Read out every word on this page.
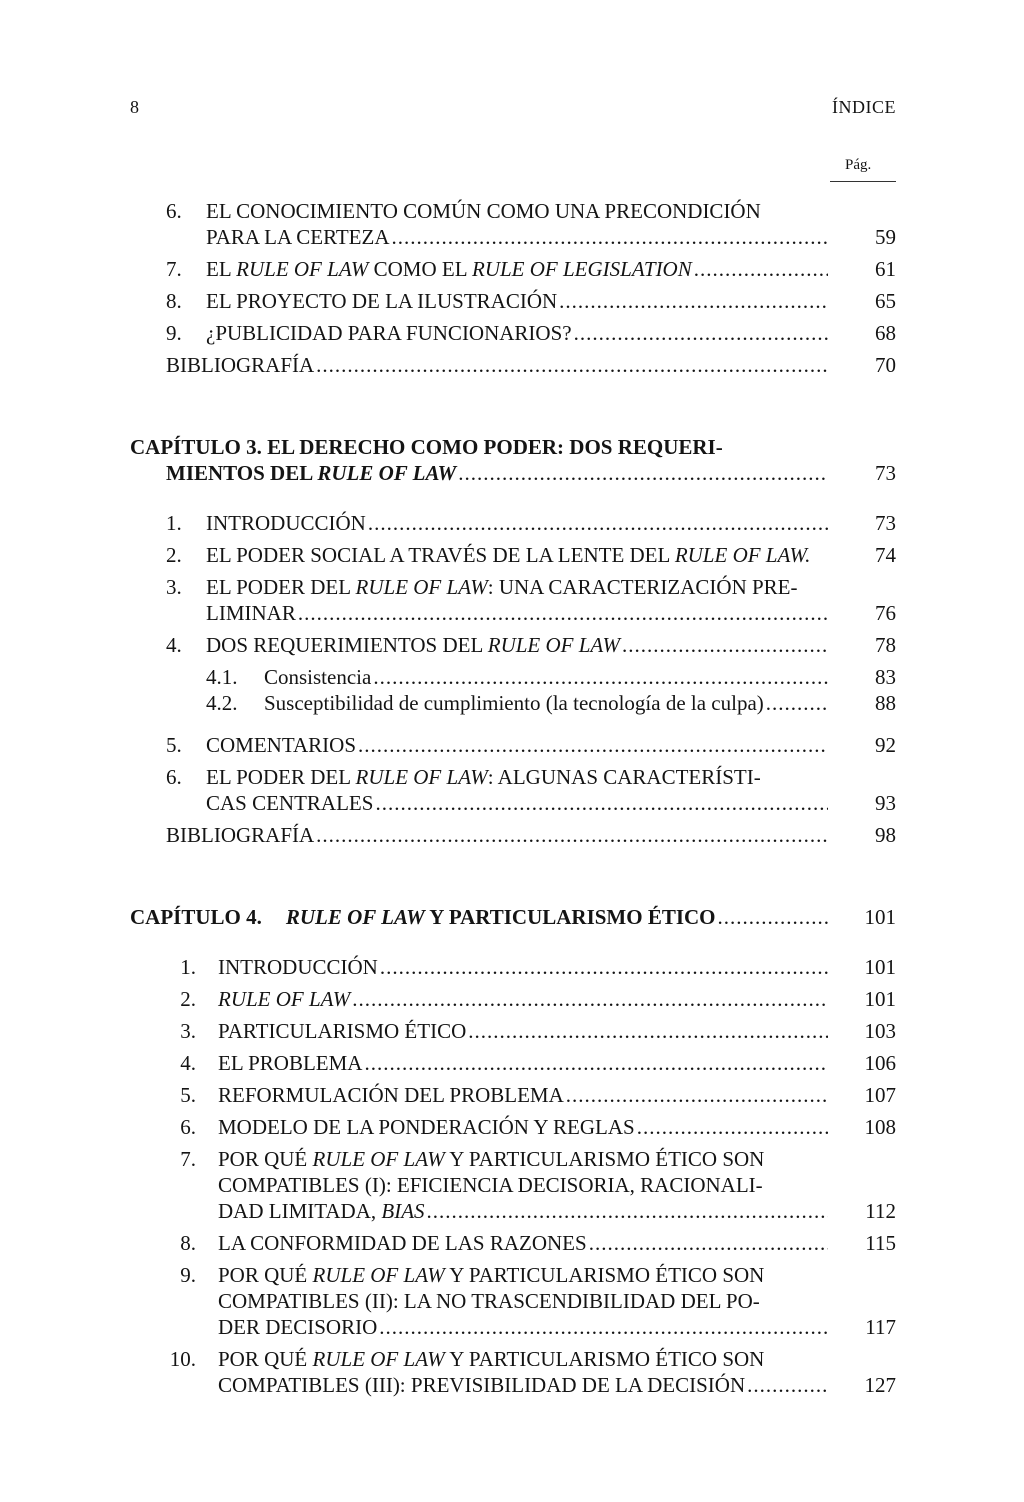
8	ÍNDICE
Pág.
6.	EL CONOCIMIENTO COMÚN COMO UNA PRECONDICIÓN
PARA LA CERTEZA .....	59
7.	EL RULE OF LAW COMO EL RULE OF LEGISLATION .....	61
8.	EL PROYECTO DE LA ILUSTRACIÓN .....	65
9.	¿PUBLICIDAD PARA FUNCIONARIOS? .....	68
BIBLIOGRAFÍA .....	70
CAPÍTULO 3. EL DERECHO COMO PODER: DOS REQUERI-
MIENTOS DEL RULE OF LAW .....	73
1.	INTRODUCCIÓN .....	73
2.	EL PODER SOCIAL A TRAVÉS DE LA LENTE DEL RULE OF LAW.	74
3.	EL PODER DEL RULE OF LAW: UNA CARACTERIZACIÓN PRE-
LIMINAR .....	76
4.	DOS REQUERIMIENTOS DEL RULE OF LAW .....	78
4.1. Consistencia .....	83
4.2. Susceptibilidad de cumplimiento (la tecnología de la culpa) .....	88
5.	COMENTARIOS .....	92
6.	EL PODER DEL RULE OF LAW: ALGUNAS CARACTERÍSTI-
CAS CENTRALES .....	93
BIBLIOGRAFÍA .....	98
CAPÍTULO 4. RULE OF LAW Y PARTICULARISMO ÉTICO .....	101
1. INTRODUCCIÓN .....	101
2. RULE OF LAW .....	101
3. PARTICULARISMO ÉTICO .....	103
4. EL PROBLEMA .....	106
5. REFORMULACIÓN DEL PROBLEMA .....	107
6. MODELO DE LA PONDERACIÓN Y REGLAS .....	108
7. POR QUÉ RULE OF LAW Y PARTICULARISMO ÉTICO SON
COMPATIBLES (I): EFICIENCIA DECISORIA, RACIONALI-
DAD LIMITADA, BIAS .....	112
8. LA CONFORMIDAD DE LAS RAZONES .....	115
9. POR QUÉ RULE OF LAW Y PARTICULARISMO ÉTICO SON
COMPATIBLES (II): LA NO TRASCENDIBILIDAD DEL PO-
DER DECISORIO .....	117
10. POR QUÉ RULE OF LAW Y PARTICULARISMO ÉTICO SON
COMPATIBLES (III): PREVISIBILIDAD DE LA DECISIÓN .....	127
